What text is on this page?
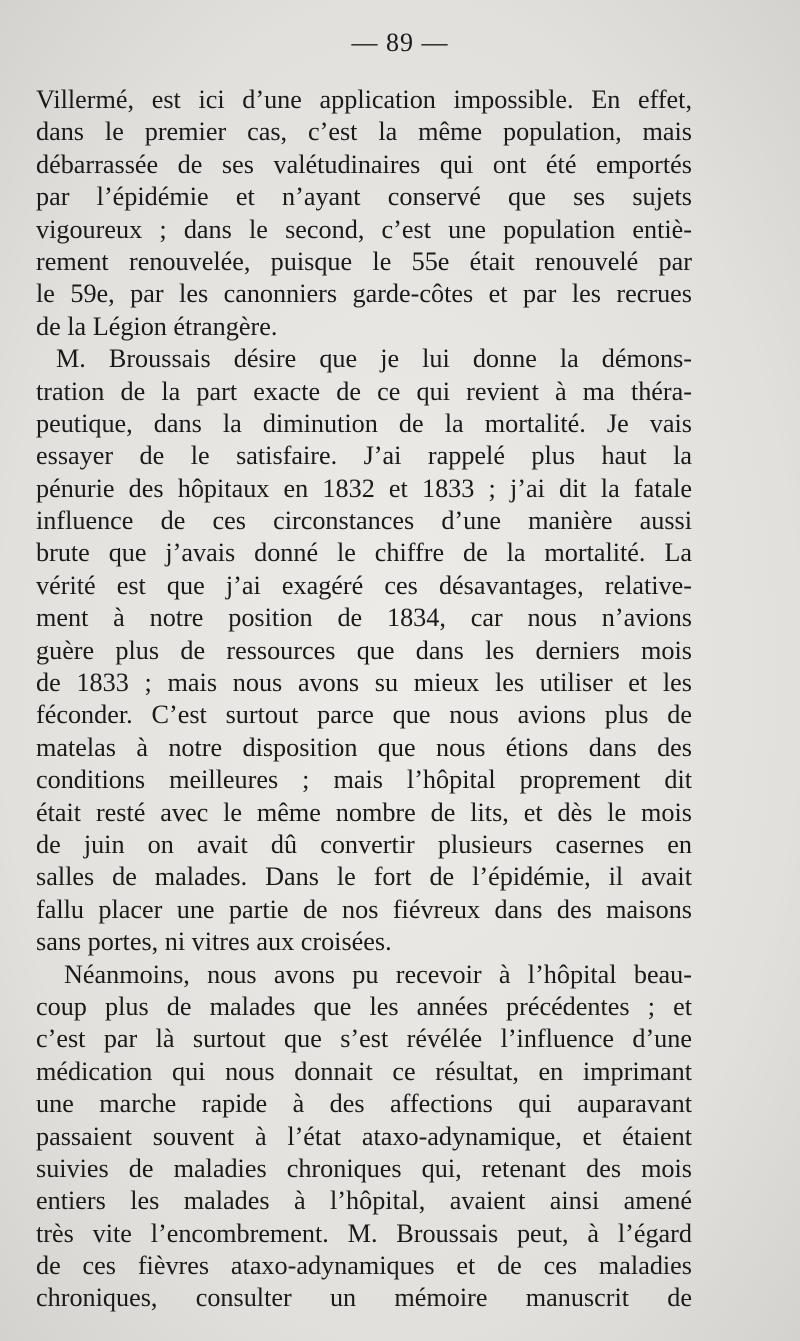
— 89 —

Villermé, est ici d’une application impossible. En effet,
dans le premier cas, c’est la même population, mais
débarrassée de ses valétudinaires qui ont été emportés
par l’épidémie et n’ayant conservé que ses sujets
vigoureux ; dans le second, c’est une population entiè-
rement renouvelée, puisque le 55e était renouvelé par
le 59e, par les canonniers garde-côtes et par les recrues
de la Légion étrangère.

M. Broussais désire que je lui donne la démons-
tration de la part exacte de ce qui revient à ma théra-
peutique, dans la diminution de la mortalité. Je vais
essayer de le satisfaire. J’ai rappelé plus haut la
pénurie des hôpitaux en 1832 et 1833 ; j’ai dit la fatale
influence de ces circonstances d’une manière aussi
brute que j’avais donné le chiffre de la mortalité. La
vérité est que j’ai exagéré ces désavantages, relative-
ment à notre position de 1834, car nous n’avions
guère plus de ressources que dans les derniers mois
de 1833 ; mais nous avons su mieux les utiliser et les
féconder. C’est surtout parce que nous avions plus de
matelas à notre disposition que nous étions dans des
conditions meilleures ; mais l’hôpital proprement dit
était resté avec le même nombre de lits, et dès le mois
de juin on avait dû convertir plusieurs casernes en
salles de malades. Dans le fort de l’épidémie, il avait
fallu placer une partie de nos fiévreux dans des maisons
sans portes, ni vitres aux croisées.

Néanmoins, nous avons pu recevoir à l’hôpital beau-
coup plus de malades que les années précédentes ; et
c’est par là surtout que s’est révélée l’influence d’une
médication qui nous donnait ce résultat, en imprimant
une marche rapide à des affections qui auparavant
passaient souvent à l’état ataxo-adynamique, et étaient
suivies de maladies chroniques qui, retenant des mois
entiers les malades à l’hôpital, avaient ainsi amené
très vite l’encombrement. M. Broussais peut, à l’égard
de ces fièvres ataxo-adynamiques et de ces maladies
chroniques, consulter un mémoire manuscrit de
